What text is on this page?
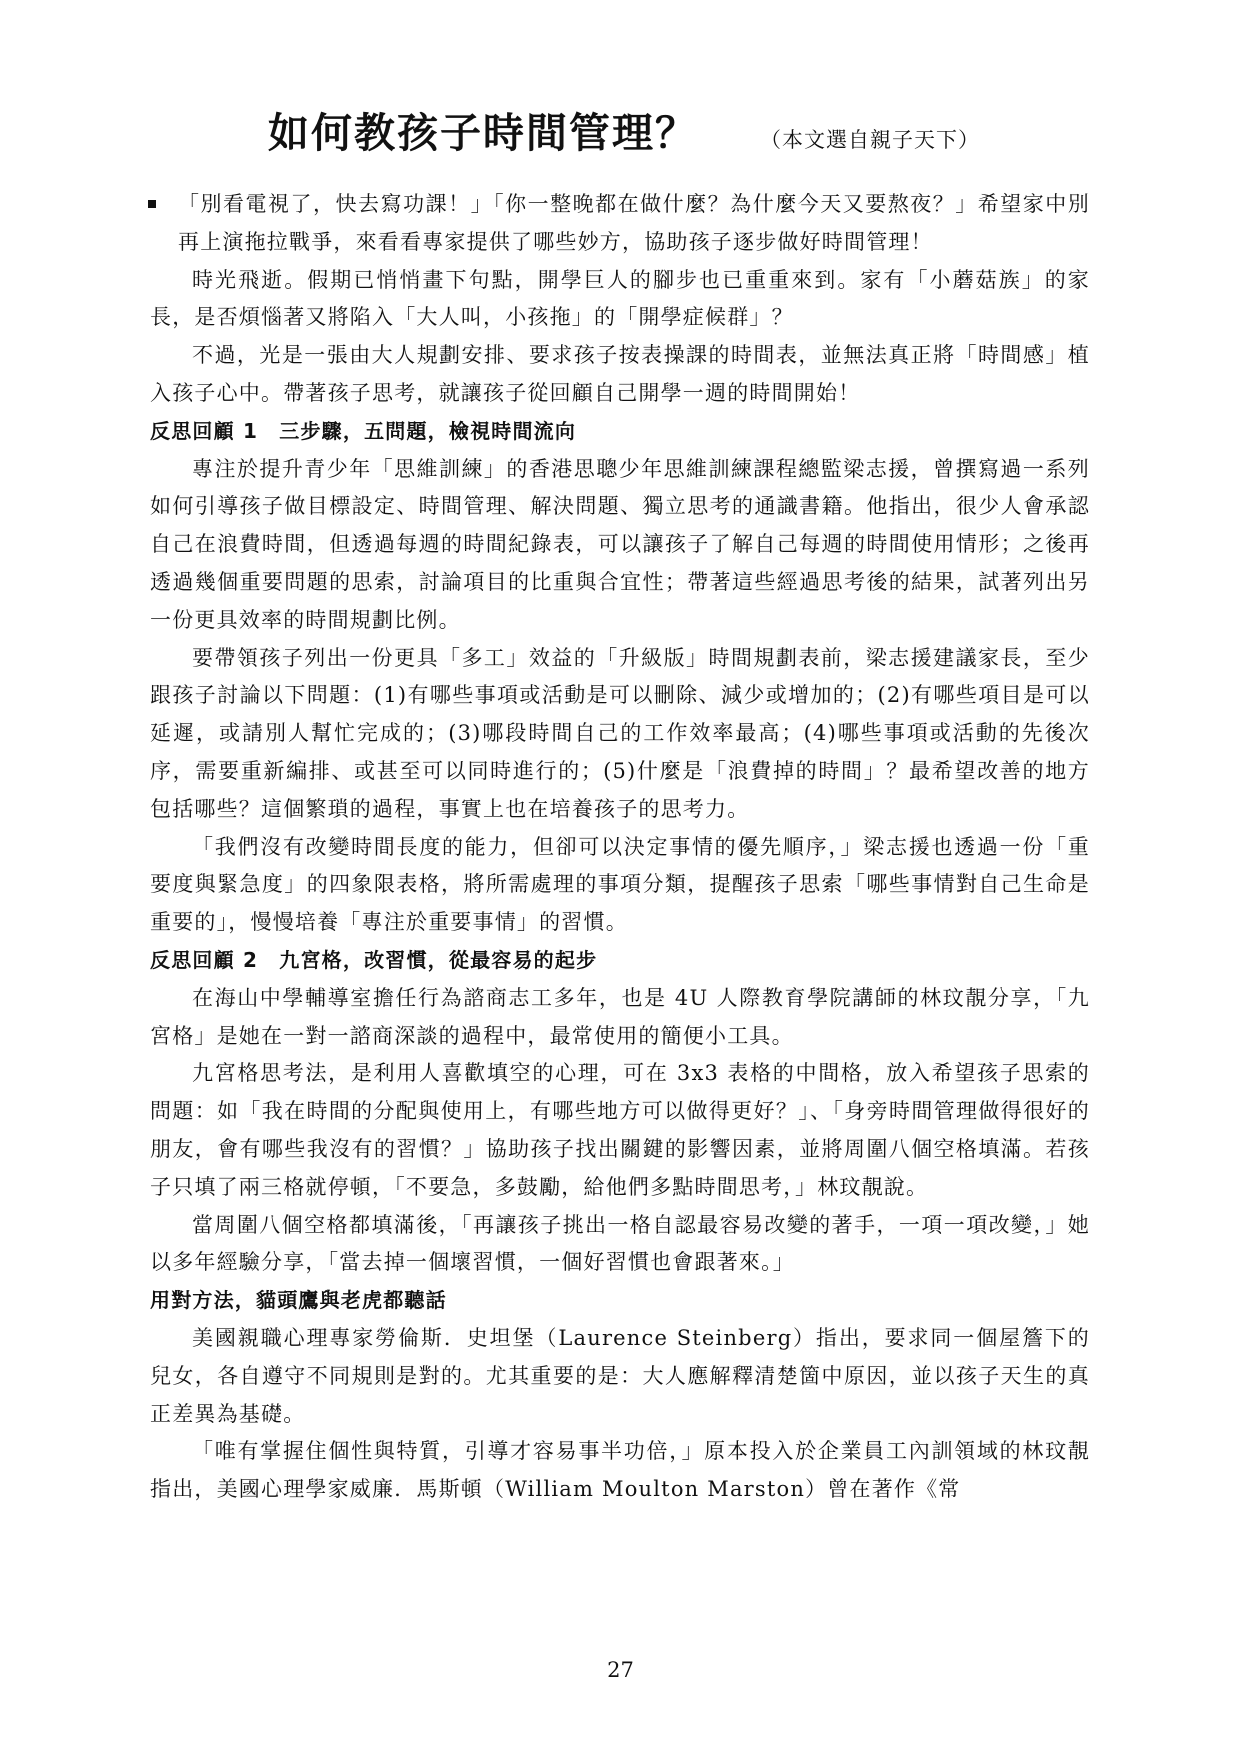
如何教孩子時間管理？	（本文選自親子天下）

「別看電視了，快去寫功課！」「你一整晚都在做什麼？為什麼今天又要熬夜？」希望家中別再上演拖拉戰爭，來看看專家提供了哪些妙方，協助孩子逐步做好時間管理！

時光飛逝。假期已悄悄畫下句點，開學巨人的腳步也已重重來到。家有「小蘑菇族」的家長，是否煩惱著又將陷入「大人叫，小孩拖」的「開學症候群」？

不過，光是一張由大人規劃安排、要求孩子按表操課的時間表，並無法真正將「時間感」植入孩子心中。帶著孩子思考，就讓孩子從回顧自己開學一週的時間開始！

反思回顧 1　三步驟，五問題，檢視時間流向

專注於提升青少年「思維訓練」的香港思聰少年思維訓練課程總監梁志援，曾撰寫過一系列如何引導孩子做目標設定、時間管理、解決問題、獨立思考的通識書籍。他指出，很少人會承認自己在浪費時間，但透過每週的時間紀錄表，可以讓孩子了解自己每週的時間使用情形；之後再透過幾個重要問題的思索，討論項目的比重與合宜性；帶著這些經過思考後的結果，試著列出另一份更具效率的時間規劃比例。

要帶領孩子列出一份更具「多工」效益的「升級版」時間規劃表前，梁志援建議家長，至少跟孩子討論以下問題：(1)有哪些事項或活動是可以刪除、減少或增加的；(2)有哪些項目是可以延遲，或請別人幫忙完成的；(3)哪段時間自己的工作效率最高；(4)哪些事項或活動的先後次序，需要重新編排、或甚至可以同時進行的；(5)什麼是「浪費掉的時間」？最希望改善的地方包括哪些？這個繁瑣的過程，事實上也在培養孩子的思考力。

「我們沒有改變時間長度的能力，但卻可以決定事情的優先順序，」梁志援也透過一份「重要度與緊急度」的四象限表格，將所需處理的事項分類，提醒孩子思索「哪些事情對自己生命是重要的」，慢慢培養「專注於重要事情」的習慣。

反思回顧 2　九宮格，改習慣，從最容易的起步

在海山中學輔導室擔任行為諮商志工多年，也是 4U 人際教育學院講師的林玟靚分享，「九宮格」是她在一對一諮商深談的過程中，最常使用的簡便小工具。

九宮格思考法，是利用人喜歡填空的心理，可在 3x3 表格的中間格，放入希望孩子思索的問題：如「我在時間的分配與使用上，有哪些地方可以做得更好？」、「身旁時間管理做得很好的朋友，會有哪些我沒有的習慣？」協助孩子找出關鍵的影響因素，並將周圍八個空格填滿。若孩子只填了兩三格就停頓，「不要急，多鼓勵，給他們多點時間思考，」林玟靚說。

當周圍八個空格都填滿後，「再讓孩子挑出一格自認最容易改變的著手，一項一項改變，」她以多年經驗分享，「當去掉一個壞習慣，一個好習慣也會跟著來。」

用對方法，貓頭鷹與老虎都聽話

美國親職心理專家勞倫斯．史坦堡（Laurence Steinberg）指出，要求同一個屋簷下的兒女，各自遵守不同規則是對的。尤其重要的是：大人應解釋清楚箇中原因，並以孩子天生的真正差異為基礎。

「唯有掌握住個性與特質，引導才容易事半功倍，」原本投入於企業員工內訓領域的林玟靚指出，美國心理學家威廉．馬斯頓（William Moulton Marston）曾在著作《常

27
